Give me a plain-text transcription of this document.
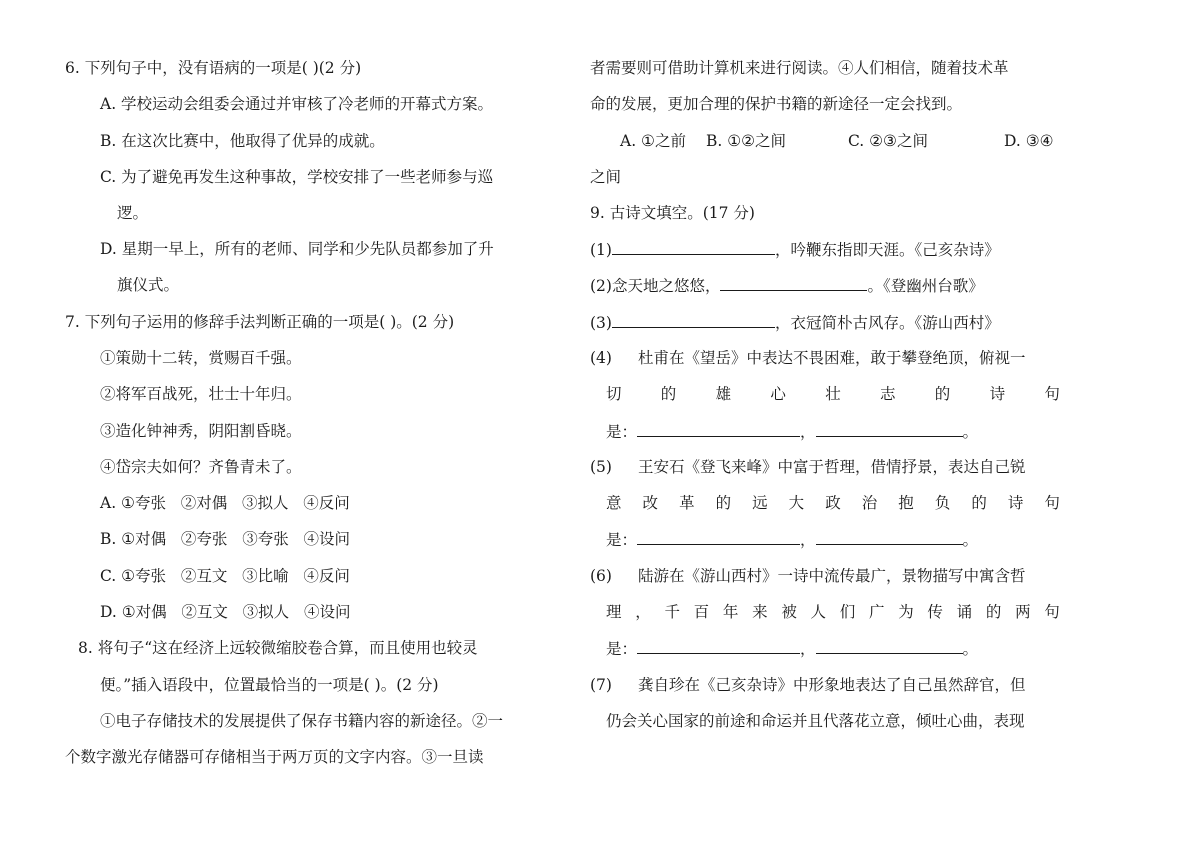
6. 下列句子中，没有语病的一项是( )(2 分)
A. 学校运动会组委会通过并审核了冷老师的开幕式方案。
B. 在这次比赛中，他取得了优异的成就。
C. 为了避免再发生这种事故，学校安排了一些老师参与巡
逻。
D. 星期一早上，所有的老师、同学和少先队员都参加了升
旗仪式。
7. 下列句子运用的修辞手法判断正确的一项是( )。(2 分)
①策勋十二转，赏赐百千强。
②将军百战死，壮士十年归。
③造化钟神秀，阴阳割昏晓。
④岱宗夫如何？齐鲁青未了。
A. ①夸张   ②对偶   ③拟人   ④反问
B. ①对偶   ②夸张   ③夸张   ④设问
C. ①夸张   ②互文   ③比喻   ④反问
D. ①对偶   ②互文   ③拟人   ④设问
8. 将句子“这在经济上远较微缩胶卷合算，而且使用也较灵
便。”插入语段中，位置最恰当的一项是( )。(2 分)
①电子存储技术的发展提供了保存书籍内容的新途径。②一
个数字激光存储器可存储相当于两万页的文字内容。③一旦读
者需要则可借助计算机来进行阅读。④人们相信，随着技术革
命的发展，更加合理的保护书籍的新途径一定会找到。
A. ①之前 B. ①②之间	C. ②③之间	D. ③④
之间
9. 古诗文填空。(17 分)
(1)	，吟鞭东指即天涯。《己亥杂诗》
(2)念天地之悠悠，	。《登幽州台歌》
(3)	，衣冠简朴古风存。《游山西村》
(4) 杜甫在《望岳》中表达不畏困难，敢于攀登绝顶，俯视一
切	的	雄	心	壮	志	的	诗	句
是：	，	。
(5) 王安石《登飞来峰》中富于哲理，借情抒景，表达自己锐
意 改 革 的 远 大 政 治 抱 负 的 诗 句
是：	，	。
(6) 陆游在《游山西村》一诗中流传最广，景物描写中寓含哲
理 ， 千 百 年 来 被 人 们 广 为 传 诵 的 两 句
是：	，	。
(7) 龚自珍在《己亥杂诗》中形象地表达了自己虽然辞官，但
仍会关心国家的前途和命运并且代落花立意，倾吐心曲，表现
